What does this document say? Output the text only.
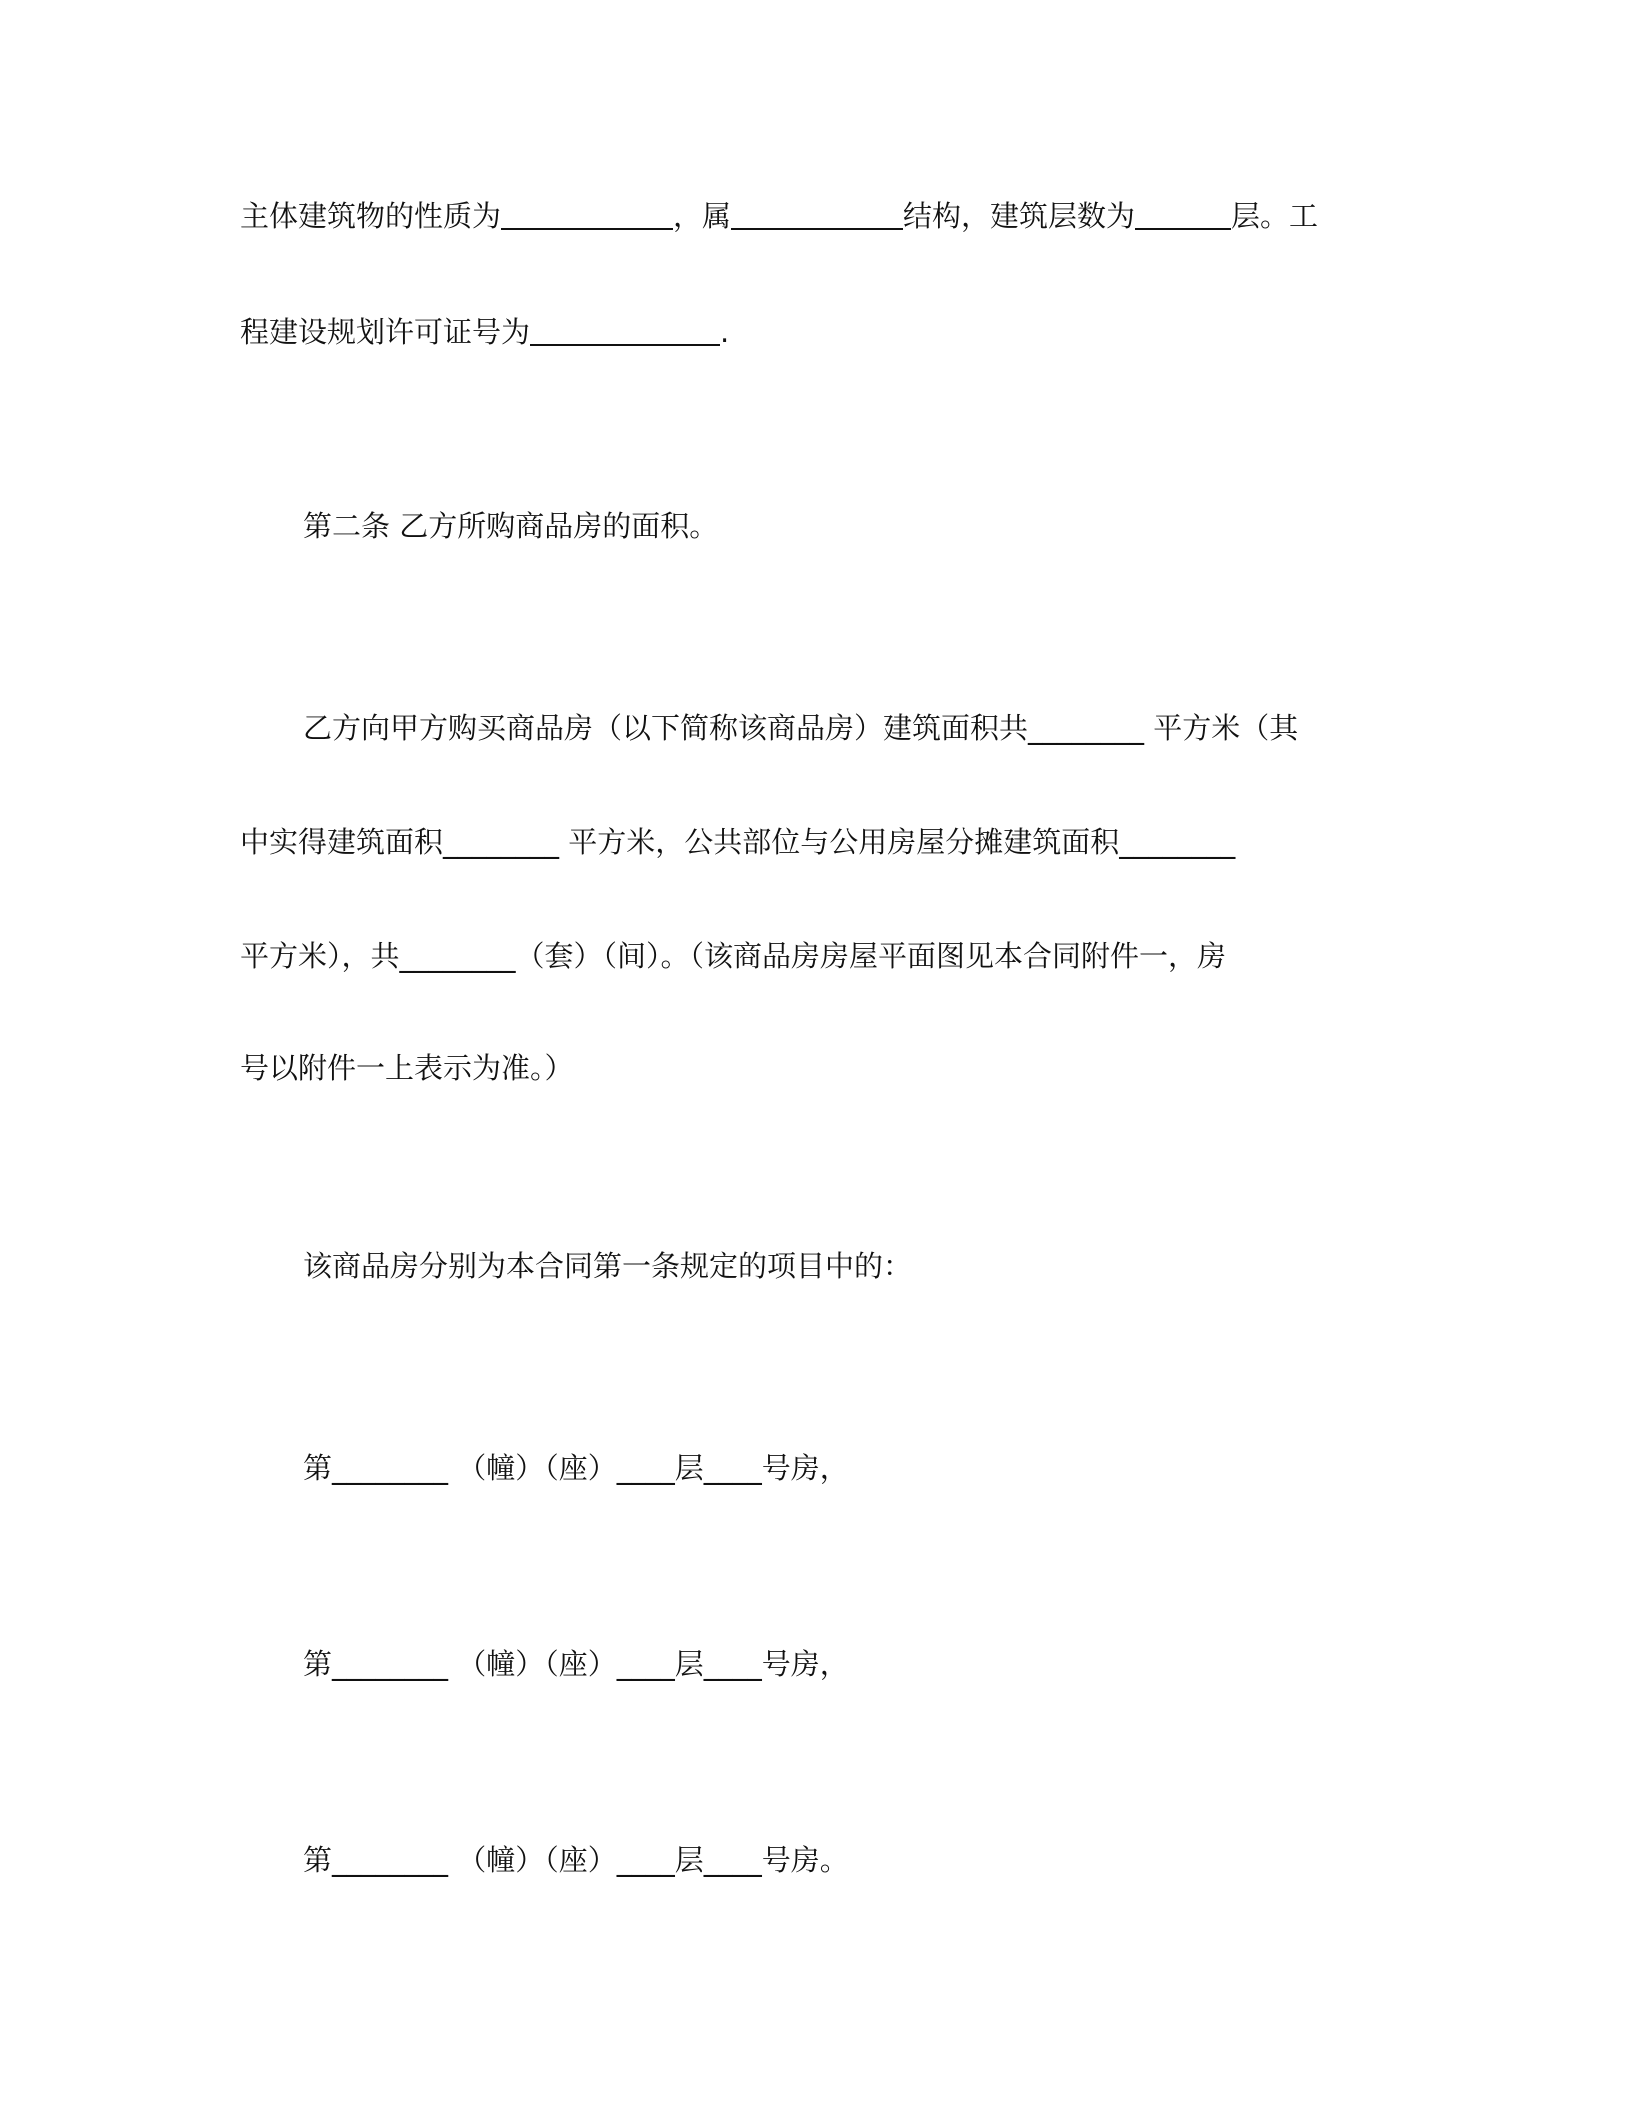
主体建筑物的性质为	，属	结构，建筑层数为	层。工
程建设规划许可证号为	.
第二条 乙方所购商品房的面积。
乙方向甲方购买商品房（以下简称该商品房）建筑面积共________ 平方米（其
中实得建筑面积________ 平方米，公共部位与公用房屋分摊建筑面积________
平方米），共________（套）（间）。（该商品房房屋平面图见本合同附件一，房
号以附件一上表示为准。）
该商品房分别为本合同第一条规定的项目中的：
第________ （幢）（座）____层____号房，
第________ （幢）（座）____层____号房，
第________ （幢）（座）____层____号房。
